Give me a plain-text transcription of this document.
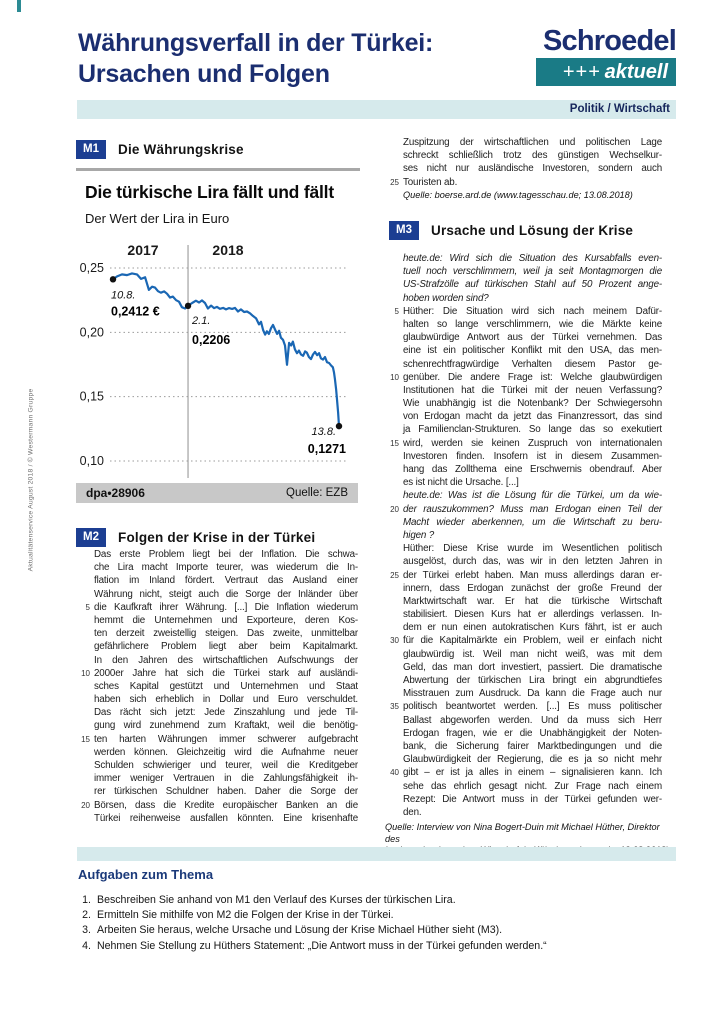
Währungsverfall in der Türkei:
Ursachen und Folgen
Schroedel
+++ aktuell
Politik / Wirtschaft
M1	Die Währungskrise
Die türkische Lira fällt und fällt
Der Wert der Lira in Euro
2017	2018
0,25
0,20
0,15
0,10
10.8.
0,2412 €
2.1.
0,2206
13.8.
0,1271
dpa•28906	Quelle: EZB
M2	Folgen der Krise in der Türkei
Das erste Problem liegt bei der Inflation. Die schwa-
che Lira macht Importe teurer, was wiederum die In-
flation im Inland fördert. Vertraut das Ausland einer
Währung nicht, steigt auch die Sorge der Inländer über
5 die Kaufkraft ihrer Währung. [...] Die Inflation wiederum
hemmt die Unternehmen und Exporteure, deren Kos-
ten derzeit zweistellig steigen. Das zweite, unmittelbar
gefährlichere Problem liegt aber beim Kapitalmarkt.
In den Jahren des wirtschaftlichen Aufschwungs der
10 2000er Jahre hat sich die Türkei stark auf ausländi-
sches Kapital gestützt und Unternehmen und Staat
haben sich erheblich in Dollar und Euro verschuldet.
Das rächt sich jetzt: Jede Zinszahlung und jede Til-
gung wird zunehmend zum Kraftakt, weil die benötig-
15 ten harten Währungen immer schwerer aufgebracht
werden können. Gleichzeitig wird die Aufnahme neuer
Schulden schwieriger und teurer, weil die Kreditgeber
immer weniger Vertrauen in die Zahlungsfähigkeit ih-
rer türkischen Schuldner haben. Daher die Sorge der
20 Börsen, dass die Kredite europäischer Banken an die
Türkei reihenweise ausfallen könnten. Eine krisenhafte
Zuspitzung der wirtschaftlichen und politischen Lage
schreckt schließlich trotz des günstigen Wechselkur-
ses nicht nur ausländische Investoren, sondern auch
25 Touristen ab.
Quelle: boerse.ard.de (www.tagesschau.de; 13.08.2018)
M3	Ursache und Lösung der Krise
heute.de: Wird sich die Situation des Kursabfalls even-
tuell noch verschlimmern, weil ja seit Montagmorgen die
US-Strafzölle auf türkischen Stahl auf 50 Prozent ange-
hoben worden sind?
5 Hüther: Die Situation wird sich nach meinem Dafür-
halten so lange verschlimmern, wie die Märkte keine
glaubwürdige Antwort aus der Türkei vernehmen. Das
eine ist ein politischer Konflikt mit den USA, das men-
schenrechtfragwürdige Verhalten diesem Pastor ge-
10 genüber. Die andere Frage ist: Welche glaubwürdigen
Institutionen hat die Türkei mit der neuen Verfassung?
Wie unabhängig ist die Notenbank? Der Schwiegersohn
von Erdogan macht da jetzt das Finanzressort, das sind
ja Familienclan-Strukturen. So lange das so exekutiert
15 wird, werden sie keinen Zuspruch von internationalen
Investoren finden. Insofern ist in diesem Zusammen-
hang das Zollthema eine Erschwernis obendrauf. Aber
es ist nicht die Ursache. [...]
heute.de: Was ist die Lösung für die Türkei, um da wie-
20 der rauszukommen? Muss man Erdogan einen Teil der
Macht wieder aberkennen, um die Wirtschaft zu beru-
higen ?
Hüther: Diese Krise wurde im Wesentlichen politisch
ausgelöst, durch das, was wir in den letzten Jahren in
25 der Türkei erlebt haben. Man muss allerdings daran er-
innern, dass Erdogan zunächst der große Freund der
Marktwirtschaft war. Er hat die türkische Wirtschaft
stabilisiert. Diesen Kurs hat er allerdings verlassen. In-
dem er nun einen autokratischen Kurs fährt, ist er auch
30 für die Kapitalmärkte ein Problem, weil er einfach nicht
glaubwürdig ist. Weil man nicht weiß, was mit dem
Geld, das man dort investiert, passiert. Die dramatische
Abwertung der türkischen Lira bringt ein abgrundtiefes
Misstrauen zum Ausdruck. Da kann die Frage auch nur
35 politisch beantwortet werden. [...] Es muss politischer
Ballast abgeworfen werden. Und da muss sich Herr
Erdogan fragen, wie er die Unabhängigkeit der Noten-
bank, die Sicherung fairer Marktbedingungen und die
Glaubwürdigkeit der Regierung, die es ja so nicht mehr
40 gibt – er ist ja alles in einem – signalisieren kann. Ich
sehe das ehrlich gesagt nicht. Zur Frage nach einem
Rezept: Die Antwort muss in der Türkei gefunden wer-
den.
Quelle: Interview von Nina Bogert-Duin mit Michael Hüther, Direktor des
Aufgaben zum Thema
1. Beschreiben Sie anhand von M1 den Verlauf des Kurses der türkischen Lira.
2. Ermitteln Sie mithilfe von M2 die Folgen der Krise in der Türkei.
3. Arbeiten Sie heraus, welche Ursache und Lösung der Krise Michael Hüther sieht (M3).
4. Nehmen Sie Stellung zu Hüthers Statement: „Die Antwort muss in der Türkei gefunden werden.“
Aktualitätenservice August 2018 / © Westermann Gruppe
